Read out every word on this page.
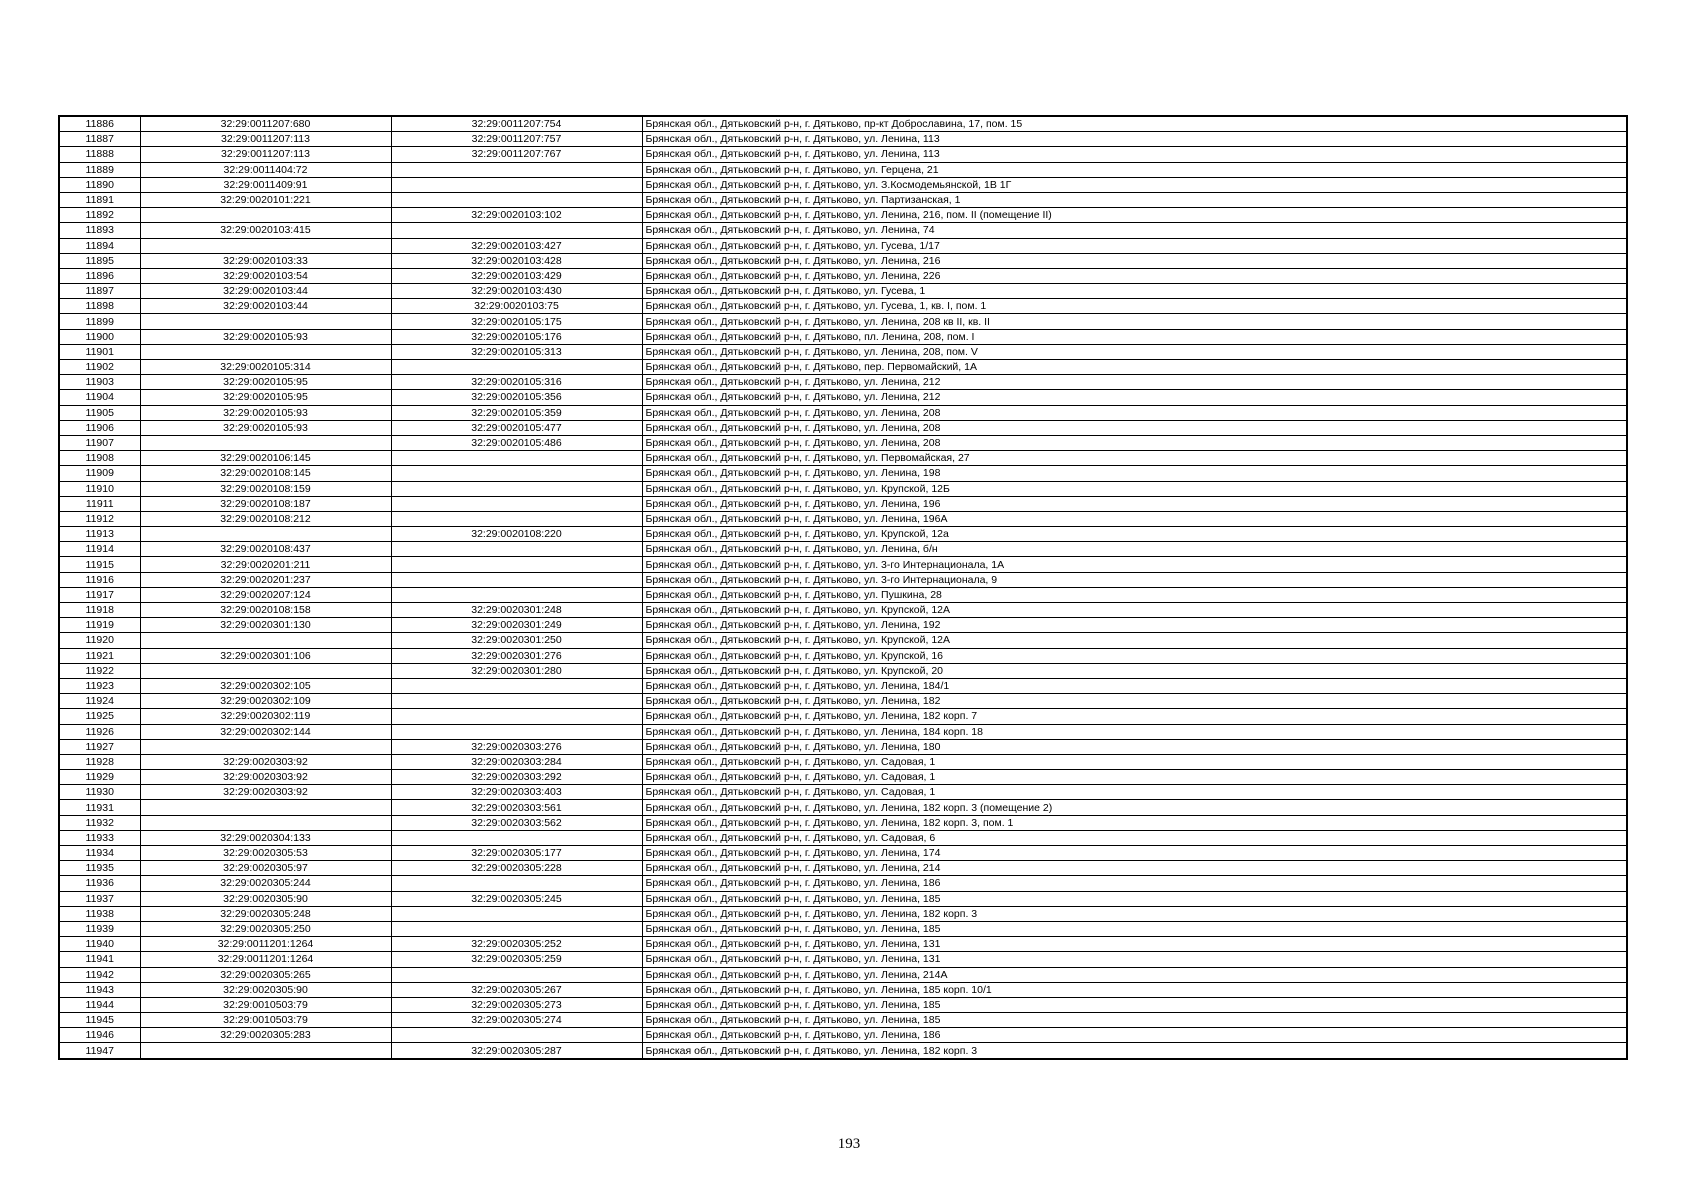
11886	32:29:0011207:680	32:29:0011207:754	Брянская обл., Дятьковский р-н, г. Дятьково, пр-кт Доброславина, 17, пом. 15
11887	32:29:0011207:113	32:29:0011207:757	Брянская обл., Дятьковский р-н, г. Дятьково, ул. Ленина, 113
11888	32:29:0011207:113	32:29:0011207:767	Брянская обл., Дятьковский р-н, г. Дятьково, ул. Ленина, 113
11889	32:29:0011404:72		Брянская обл., Дятьковский р-н, г. Дятьково, ул. Герцена, 21
11890	32:29:0011409:91		Брянская обл., Дятьковский р-н, г. Дятьково, ул. З.Космодемьянской, 1В 1Г
11891	32:29:0020101:221		Брянская обл., Дятьковский р-н, г. Дятьково, ул. Партизанская, 1
11892		32:29:0020103:102	Брянская обл., Дятьковский р-н, г. Дятьково, ул. Ленина, 216, пом. II (помещение II)
11893	32:29:0020103:415		Брянская обл., Дятьковский р-н, г. Дятьково, ул. Ленина, 74
11894		32:29:0020103:427	Брянская обл., Дятьковский р-н, г. Дятьково, ул. Гусева, 1/17
11895	32:29:0020103:33	32:29:0020103:428	Брянская обл., Дятьковский р-н, г. Дятьково, ул. Ленина, 216
11896	32:29:0020103:54	32:29:0020103:429	Брянская обл., Дятьковский р-н, г. Дятьково, ул. Ленина, 226
11897	32:29:0020103:44	32:29:0020103:430	Брянская обл., Дятьковский р-н, г. Дятьково, ул. Гусева, 1
11898	32:29:0020103:44	32:29:0020103:75	Брянская обл., Дятьковский р-н, г. Дятьково, ул. Гусева, 1, кв. I, пом. 1
11899		32:29:0020105:175	Брянская обл., Дятьковский р-н, г. Дятьково, ул. Ленина, 208 кв II, кв. II
11900	32:29:0020105:93	32:29:0020105:176	Брянская обл., Дятьковский р-н, г. Дятьково, пл. Ленина, 208, пом. I
11901		32:29:0020105:313	Брянская обл., Дятьковский р-н, г. Дятьково, ул. Ленина, 208, пом. V
11902	32:29:0020105:314		Брянская обл., Дятьковский р-н, г. Дятьково, пер. Первомайский, 1А
11903	32:29:0020105:95	32:29:0020105:316	Брянская обл., Дятьковский р-н, г. Дятьково, ул. Ленина, 212
11904	32:29:0020105:95	32:29:0020105:356	Брянская обл., Дятьковский р-н, г. Дятьково, ул. Ленина, 212
11905	32:29:0020105:93	32:29:0020105:359	Брянская обл., Дятьковский р-н, г. Дятьково, ул. Ленина, 208
11906	32:29:0020105:93	32:29:0020105:477	Брянская обл., Дятьковский р-н, г. Дятьково, ул. Ленина, 208
11907		32:29:0020105:486	Брянская обл., Дятьковский р-н, г. Дятьково, ул. Ленина, 208
11908	32:29:0020106:145		Брянская обл., Дятьковский р-н, г. Дятьково, ул. Первомайская, 27
11909	32:29:0020108:145		Брянская обл., Дятьковский р-н, г. Дятьково, ул. Ленина, 198
11910	32:29:0020108:159		Брянская обл., Дятьковский р-н, г. Дятьково, ул. Крупской, 12Б
11911	32:29:0020108:187		Брянская обл., Дятьковский р-н, г. Дятьково, ул. Ленина, 196
11912	32:29:0020108:212		Брянская обл., Дятьковский р-н, г. Дятьково, ул. Ленина, 196А
11913		32:29:0020108:220	Брянская обл., Дятьковский р-н, г. Дятьково, ул. Крупской, 12а
11914	32:29:0020108:437		Брянская обл., Дятьковский р-н, г. Дятьково, ул. Ленина, б/н
11915	32:29:0020201:211		Брянская обл., Дятьковский р-н, г. Дятьково, ул. 3-го Интернационала, 1А
11916	32:29:0020201:237		Брянская обл., Дятьковский р-н, г. Дятьково, ул. 3-го Интернационала, 9
11917	32:29:0020207:124		Брянская обл., Дятьковский р-н, г. Дятьково, ул. Пушкина, 28
11918	32:29:0020108:158	32:29:0020301:248	Брянская обл., Дятьковский р-н, г. Дятьково, ул. Крупской, 12А
11919	32:29:0020301:130	32:29:0020301:249	Брянская обл., Дятьковский р-н, г. Дятьково, ул. Ленина, 192
11920		32:29:0020301:250	Брянская обл., Дятьковский р-н, г. Дятьково, ул. Крупской, 12А
11921	32:29:0020301:106	32:29:0020301:276	Брянская обл., Дятьковский р-н, г. Дятьково, ул. Крупской, 16
11922		32:29:0020301:280	Брянская обл., Дятьковский р-н, г. Дятьково, ул. Крупской, 20
11923	32:29:0020302:105		Брянская обл., Дятьковский р-н, г. Дятьково, ул. Ленина, 184/1
11924	32:29:0020302:109		Брянская обл., Дятьковский р-н, г. Дятьково, ул. Ленина, 182
11925	32:29:0020302:119		Брянская обл., Дятьковский р-н, г. Дятьково, ул. Ленина, 182 корп. 7
11926	32:29:0020302:144		Брянская обл., Дятьковский р-н, г. Дятьково, ул. Ленина, 184 корп. 18
11927		32:29:0020303:276	Брянская обл., Дятьковский р-н, г. Дятьково, ул. Ленина, 180
11928	32:29:0020303:92	32:29:0020303:284	Брянская обл., Дятьковский р-н, г. Дятьково, ул. Садовая, 1
11929	32:29:0020303:92	32:29:0020303:292	Брянская обл., Дятьковский р-н, г. Дятьково, ул. Садовая, 1
11930	32:29:0020303:92	32:29:0020303:403	Брянская обл., Дятьковский р-н, г. Дятьково, ул. Садовая, 1
11931		32:29:0020303:561	Брянская обл., Дятьковский р-н, г. Дятьково, ул. Ленина, 182 корп. 3 (помещение 2)
11932		32:29:0020303:562	Брянская обл., Дятьковский р-н, г. Дятьково, ул. Ленина, 182 корп. 3, пом. 1
11933	32:29:0020304:133		Брянская обл., Дятьковский р-н, г. Дятьково, ул. Садовая, 6
11934	32:29:0020305:53	32:29:0020305:177	Брянская обл., Дятьковский р-н, г. Дятьково, ул. Ленина, 174
11935	32:29:0020305:97	32:29:0020305:228	Брянская обл., Дятьковский р-н, г. Дятьково, ул. Ленина, 214
11936	32:29:0020305:244		Брянская обл., Дятьковский р-н, г. Дятьково, ул. Ленина, 186
11937	32:29:0020305:90	32:29:0020305:245	Брянская обл., Дятьковский р-н, г. Дятьково, ул. Ленина, 185
11938	32:29:0020305:248		Брянская обл., Дятьковский р-н, г. Дятьково, ул. Ленина, 182 корп. 3
11939	32:29:0020305:250		Брянская обл., Дятьковский р-н, г. Дятьково, ул. Ленина, 185
11940	32:29:0011201:1264	32:29:0020305:252	Брянская обл., Дятьковский р-н, г. Дятьково, ул. Ленина, 131
11941	32:29:0011201:1264	32:29:0020305:259	Брянская обл., Дятьковский р-н, г. Дятьково, ул. Ленина, 131
11942	32:29:0020305:265		Брянская обл., Дятьковский р-н, г. Дятьково, ул. Ленина, 214А
11943	32:29:0020305:90	32:29:0020305:267	Брянская обл., Дятьковский р-н, г. Дятьково, ул. Ленина, 185 корп. 10/1
11944	32:29:0010503:79	32:29:0020305:273	Брянская обл., Дятьковский р-н, г. Дятьково, ул. Ленина, 185
11945	32:29:0010503:79	32:29:0020305:274	Брянская обл., Дятьковский р-н, г. Дятьково, ул. Ленина, 185
11946	32:29:0020305:283		Брянская обл., Дятьковский р-н, г. Дятьково, ул. Ленина, 186
11947		32:29:0020305:287	Брянская обл., Дятьковский р-н, г. Дятьково, ул. Ленина, 182 корп. 3
193
